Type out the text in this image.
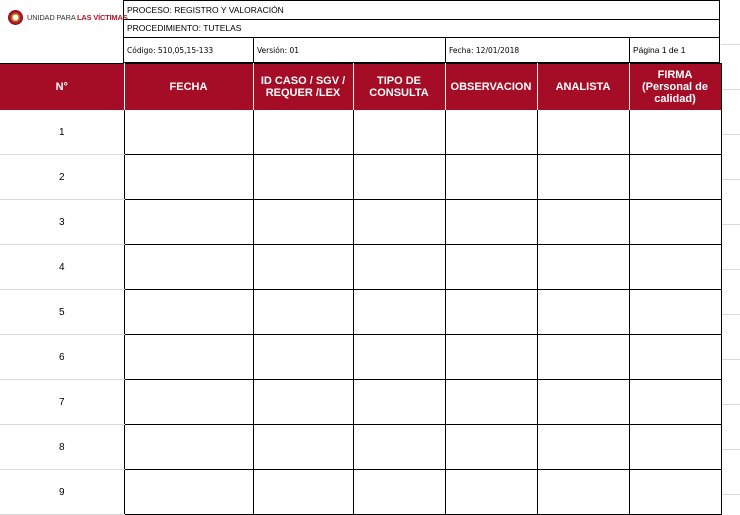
UNIDAD PARA LAS VÍCTIMAS
PROCESO: REGISTRO Y VALORACIÓN
PROCEDIMIENTO: TUTELAS
Código: 510,05,15-133	Versión: 01	Fecha: 12/01/2018	Página 1 de 1
N°	FECHA	ID CASO / SGV / REQUER /LEX	TIPO DE CONSULTA	OBSERVACION	ANALISTA	FIRMA (Personal de calidad)
1						
2						
3						
4						
5						
6						
7						
8						
9						
